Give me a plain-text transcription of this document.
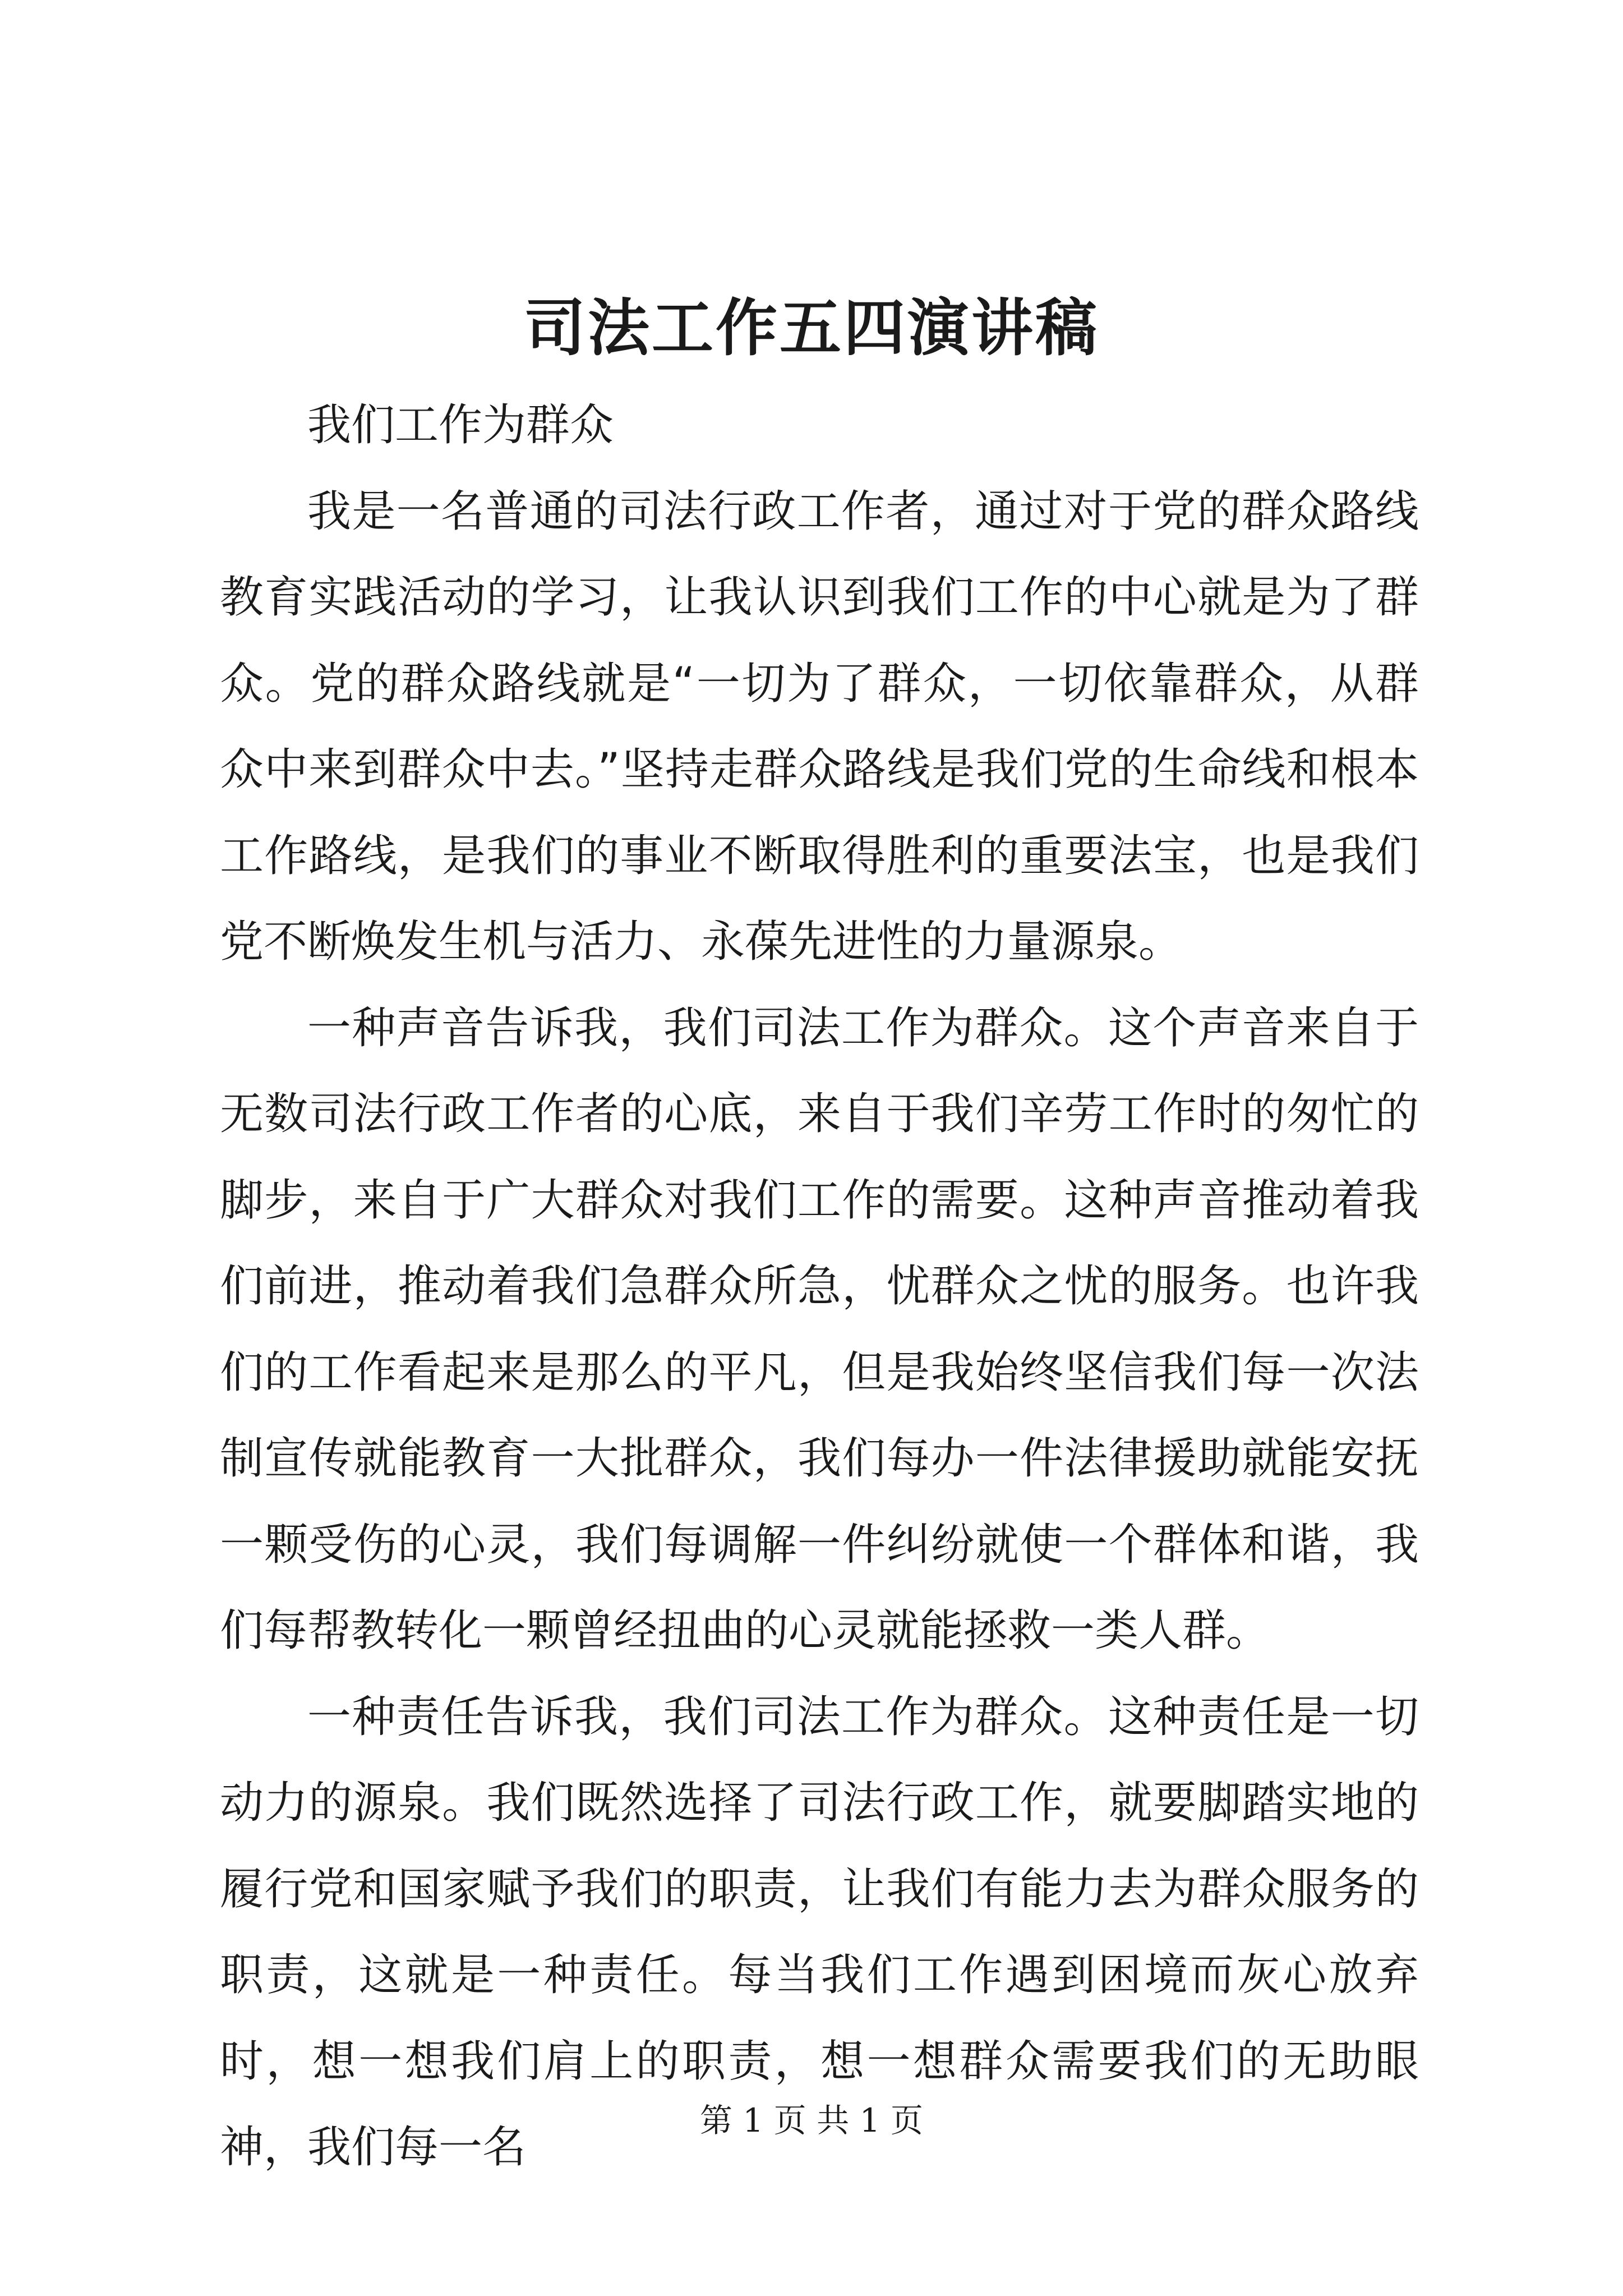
司法工作五四演讲稿

我们工作为群众

我是一名普通的司法行政工作者，通过对于党的群众路线教育实践活动的学习，让我认识到我们工作的中心就是为了群众。党的群众路线就是“一切为了群众，一切依靠群众，从群众中来到群众中去。”坚持走群众路线是我们党的生命线和根本工作路线，是我们的事业不断取得胜利的重要法宝，也是我们党不断焕发生机与活力、永葆先进性的力量源泉。

一种声音告诉我，我们司法工作为群众。这个声音来自于无数司法行政工作者的心底，来自于我们辛劳工作时的匆忙的脚步，来自于广大群众对我们工作的需要。这种声音推动着我们前进，推动着我们急群众所急，忧群众之忧的服务。也许我们的工作看起来是那么的平凡，但是我始终坚信我们每一次法制宣传就能教育一大批群众，我们每办一件法律援助就能安抚一颗受伤的心灵，我们每调解一件纠纷就使一个群体和谐，我们每帮教转化一颗曾经扭曲的心灵就能拯救一类人群。

一种责任告诉我，我们司法工作为群众。这种责任是一切动力的源泉。我们既然选择了司法行政工作，就要脚踏实地的履行党和国家赋予我们的职责，让我们有能力去为群众服务的职责，这就是一种责任。每当我们工作遇到困境而灰心放弃时，想一想我们肩上的职责，想一想群众需要我们的无助眼神，我们每一名

第 1 页 共 1 页
